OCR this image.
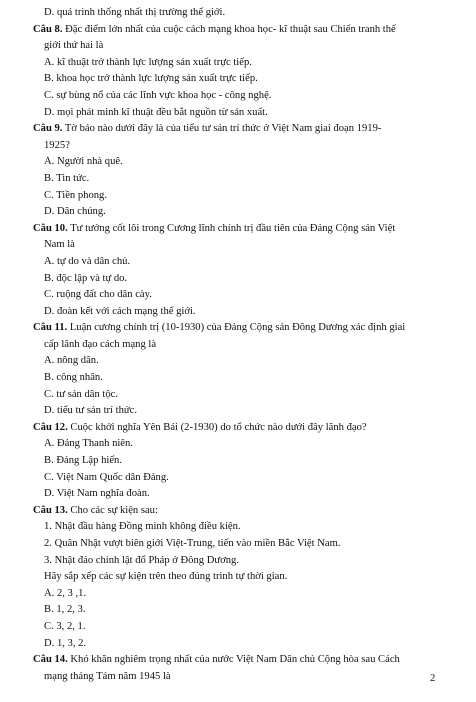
D. quá trình thống nhất thị trường thế giới.
Câu 8. Đặc điểm lớn nhất của cuộc cách mạng khoa học- kĩ thuật sau Chiến tranh thế
giới thứ hai là
A. kĩ thuật trở thành lực lượng sản xuất trực tiếp.
B. khoa học trở thành lực lượng sản xuất trực tiếp.
C. sự bùng nổ của các lĩnh vực khoa học - công nghệ.
D. mọi phát minh kĩ thuật đều bắt nguồn từ sản xuất.
Câu 9. Tờ báo nào dưới đây là của tiểu tư sản trí thức ở Việt Nam giai đoạn 1919-
1925?
A. Người nhà quê.
B. Tin tức.
C. Tiền phong.
D. Dân chúng.
Câu 10. Tư tưởng cốt lõi trong Cương lĩnh chính trị đầu tiên của Đảng Cộng sản Việt
Nam là
A. tự do và dân chủ.
B. độc lập và tự do.
C. ruộng đất cho dân cày.
D. đoàn kết với cách mạng thế giới.
Câu 11. Luận cương chính trị (10-1930) của Đảng Cộng sản Đông Dương xác định giai
cấp lãnh đạo cách mạng là
A. nông dân.
B. công nhân.
C. tư sản dân tộc.
D. tiểu tư sản trí thức.
Câu 12. Cuộc khởi nghĩa Yên Bái (2-1930) do tổ chức nào dưới đây lãnh đạo?
A. Đảng Thanh niên.
B. Đảng Lập hiến.
C. Việt Nam Quốc dân Đảng.
D. Việt Nam nghĩa đoàn.
Câu 13. Cho các sự kiện sau:
1. Nhật đầu hàng Đồng minh không điều kiện.
2. Quân Nhật vượt biên giới Việt-Trung, tiến vào miền Bắc Việt Nam.
3. Nhật đảo chính lật đổ Pháp ở Đông Dương.
Hãy sắp xếp các sự kiện trên theo đúng trình tự thời gian.
A. 2, 3 ,1.
B. 1, 2, 3.
C. 3, 2, 1.
D. 1, 3, 2.
Câu 14. Khó khăn nghiêm trọng nhất của nước Việt Nam Dân chủ Cộng hòa sau Cách
mạng tháng Tám năm 1945 là	2
